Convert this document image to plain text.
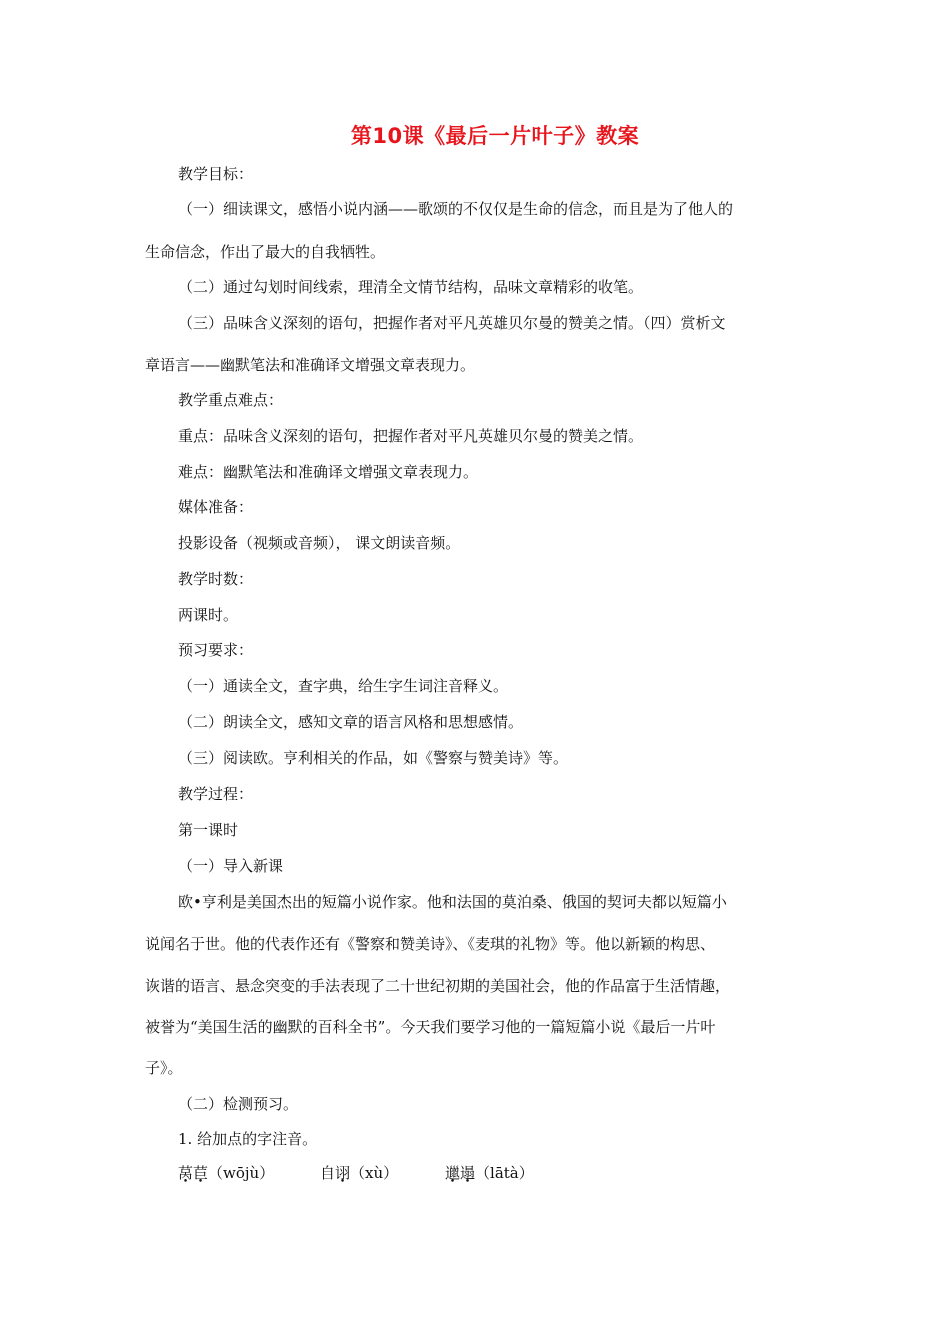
第10课《最后一片叶子》教案
教学目标：
（一）细读课文，感悟小说内涵——歌颂的不仅仅是生命的信念，而且是为了他人的
生命信念，作出了最大的自我牺牲。
（二）通过勾划时间线索，理清全文情节结构，品味文章精彩的收笔。
（三）品味含义深刻的语句，把握作者对平凡英雄贝尔曼的赞美之情。（四）赏析文
章语言——幽默笔法和准确译文增强文章表现力。
教学重点难点：
重点：品味含义深刻的语句，把握作者对平凡英雄贝尔曼的赞美之情。
难点：幽默笔法和准确译文增强文章表现力。
媒体准备：
投影设备（视频或音频）， 课文朗读音频。
教学时数：
两课时。
预习要求：
（一）通读全文，查字典，给生字生词注音释义。
（二）朗读全文，感知文章的语言风格和思想感情。
（三）阅读欧。亨利相关的作品，如《警察与赞美诗》等。
教学过程：
第一课时
（一）导入新课
欧•亨利是美国杰出的短篇小说作家。他和法国的莫泊桑、俄国的契诃夫都以短篇小
说闻名于世。他的代表作还有《警察和赞美诗》、《麦琪的礼物》等。他以新颖的构思、
诙谐的语言、悬念突变的手法表现了二十世纪初期的美国社会，他的作品富于生活情趣，
被誉为“美国生活的幽默的百科全书”。今天我们要学习他的一篇短篇小说《最后一片叶
子》。
（二）检测预习。
1. 给加点的字注音。
莴苣（wōjù）	自诩（xù）	邋遢（lātà）
